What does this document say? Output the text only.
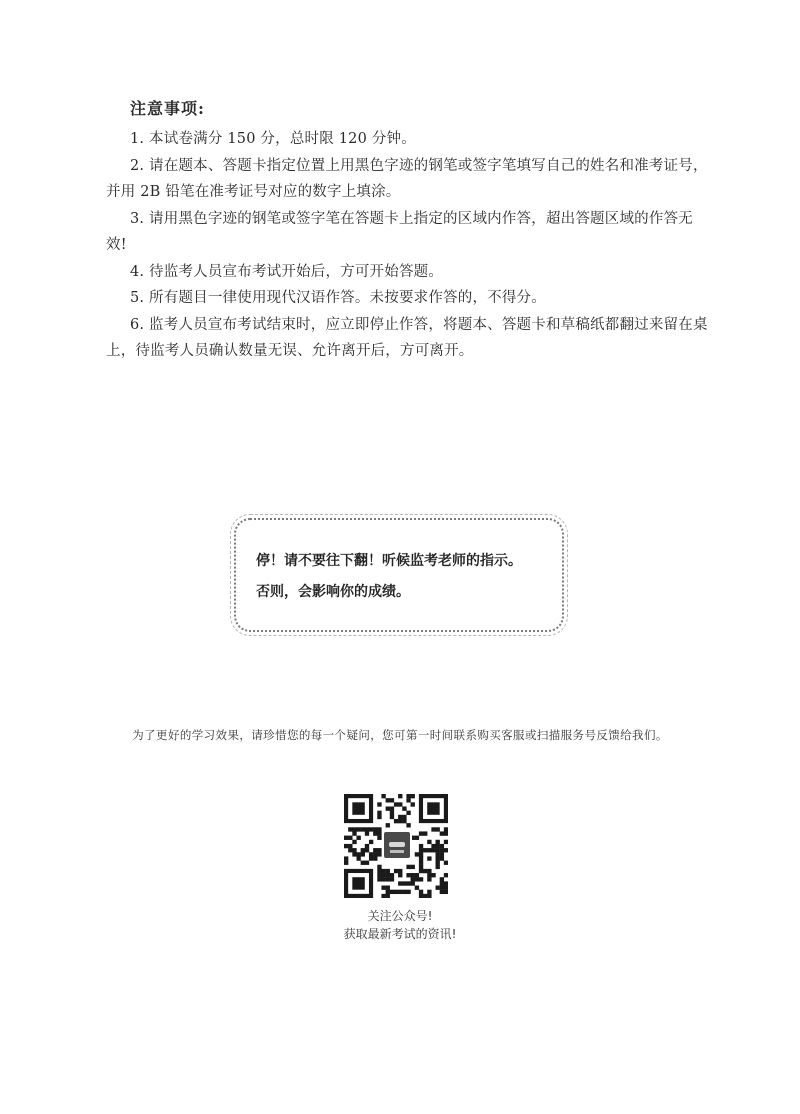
注意事项:

1. 本试卷满分 150 分，总时限 120 分钟。

2. 请在题本、答题卡指定位置上用黑色字迹的钢笔或签字笔填写自己的姓名和准考证号，并用 2B 铅笔在准考证号对应的数字上填涂。

3. 请用黑色字迹的钢笔或签字笔在答题卡上指定的区域内作答，超出答题区域的作答无效!

4. 待监考人员宣布考试开始后，方可开始答题。

5. 所有题目一律使用现代汉语作答。未按要求作答的，不得分。

6. 监考人员宣布考试结束时，应立即停止作答，将题本、答题卡和草稿纸都翻过来留在桌上，待监考人员确认数量无误、允许离开后，方可离开。

停！请不要往下翻！听候监考老师的指示。
否则，会影响你的成绩。
为了更好的学习效果，请珍惜您的每一个疑问，您可第一时间联系购买客服或扫描服务号反馈给我们。
关注公众号!
获取最新考试的资讯!
